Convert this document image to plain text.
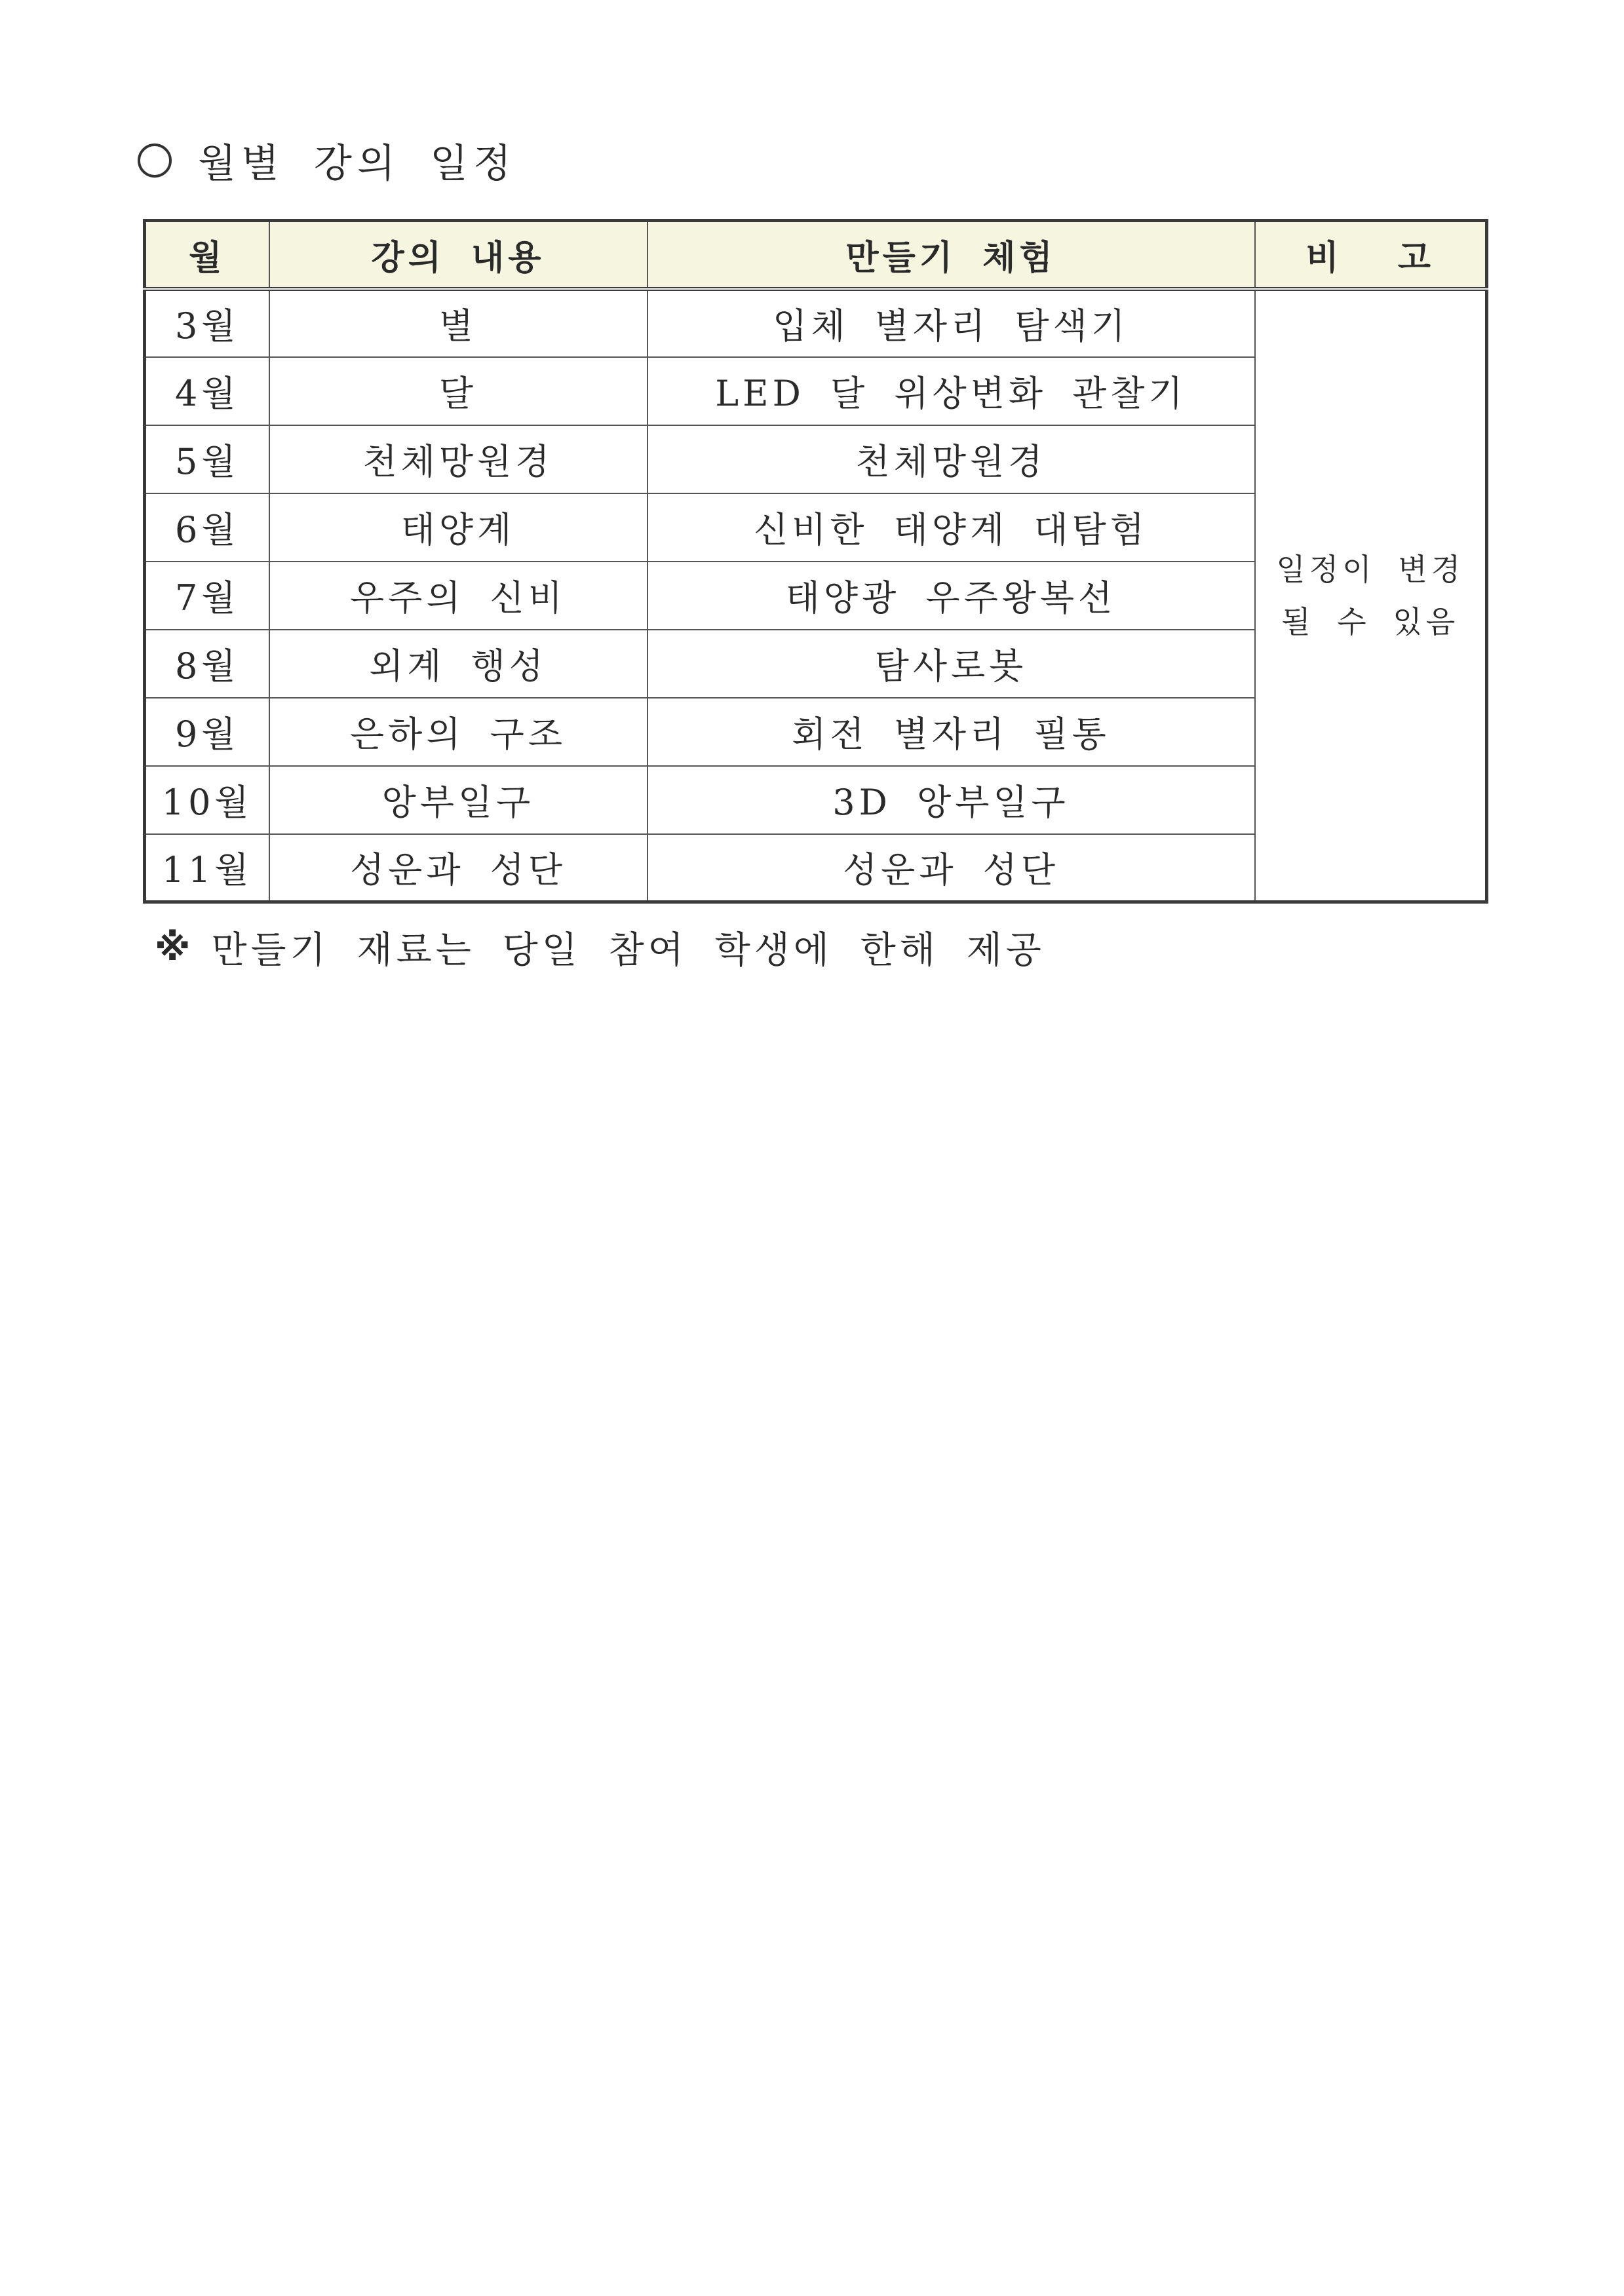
월별 강의 일정
월	강의 내용	만들기 체험	비 고
3월	별	입체 별자리 탐색기	일정이 변경될 수 있음
4월	달	LED 달 위상변화 관찰기	
5월	천체망원경	천체망원경	
6월	태양계	신비한 태양계 대탐험	
7월	우주의 신비	태양광 우주왕복선	
8월	외계 행성	탐사로봇	
9월	은하의 구조	회전 별자리 필통	
10월	앙부일구	3D 앙부일구	
11월	성운과 성단	성운과 성단	
※ 만들기 재료는 당일 참여 학생에 한해 제공
